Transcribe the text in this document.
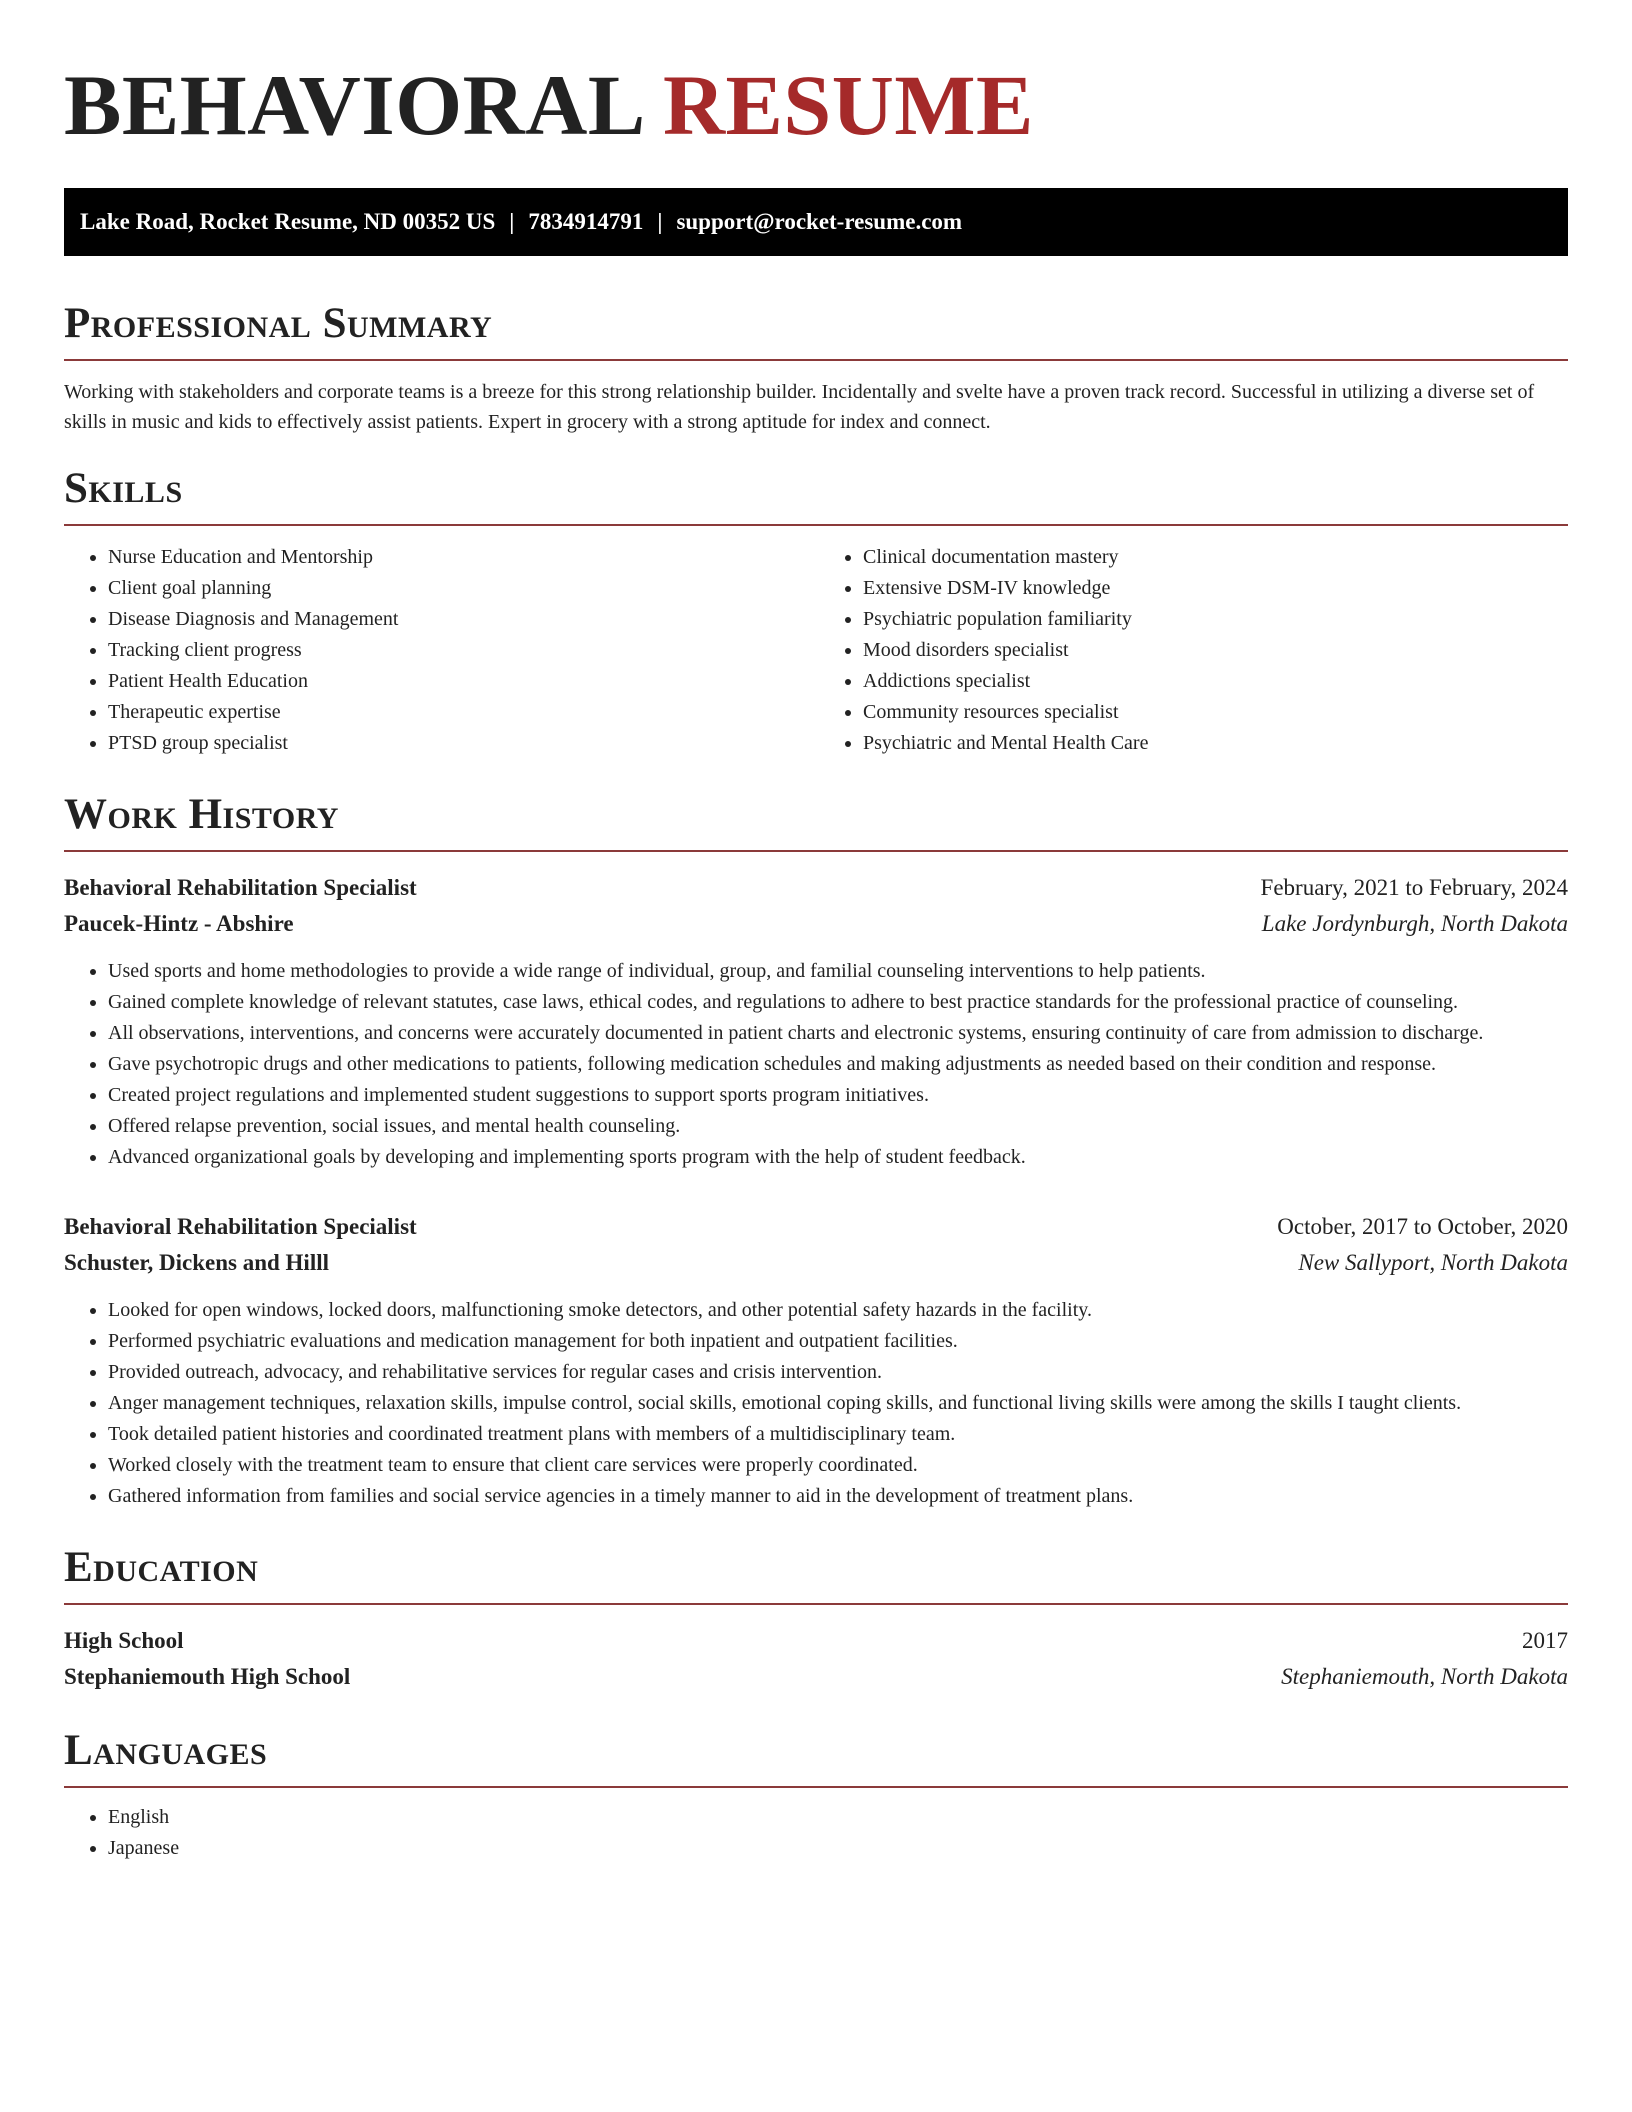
BEHAVIORAL RESUME
Lake Road, Rocket Resume, ND 00352 US | 7834914791 | support@rocket-resume.com
Professional Summary

Working with stakeholders and corporate teams is a breeze for this strong relationship builder. Incidentally and svelte have a proven track record. Successful in utilizing a diverse set of skills in music and kids to effectively assist patients. Expert in grocery with a strong aptitude for index and connect.

Skills
• Nurse Education and Mentorship
• Client goal planning
• Disease Diagnosis and Management
• Tracking client progress
• Patient Health Education
• Therapeutic expertise
• PTSD group specialist
• Clinical documentation mastery
• Extensive DSM-IV knowledge
• Psychiatric population familiarity
• Mood disorders specialist
• Addictions specialist
• Community resources specialist
• Psychiatric and Mental Health Care
Work History
Behavioral Rehabilitation Specialist	February, 2021 to February, 2024
Paucek-Hintz - Abshire	Lake Jordynburgh, North Dakota
• Used sports and home methodologies to provide a wide range of individual, group, and familial counseling interventions to help patients.
• Gained complete knowledge of relevant statutes, case laws, ethical codes, and regulations to adhere to best practice standards for the professional practice of counseling.
• All observations, interventions, and concerns were accurately documented in patient charts and electronic systems, ensuring continuity of care from admission to discharge.
• Gave psychotropic drugs and other medications to patients, following medication schedules and making adjustments as needed based on their condition and response.
• Created project regulations and implemented student suggestions to support sports program initiatives.
• Offered relapse prevention, social issues, and mental health counseling.
• Advanced organizational goals by developing and implementing sports program with the help of student feedback.
Behavioral Rehabilitation Specialist	October, 2017 to October, 2020
Schuster, Dickens and Hilll	New Sallyport, North Dakota
• Looked for open windows, locked doors, malfunctioning smoke detectors, and other potential safety hazards in the facility.
• Performed psychiatric evaluations and medication management for both inpatient and outpatient facilities.
• Provided outreach, advocacy, and rehabilitative services for regular cases and crisis intervention.
• Anger management techniques, relaxation skills, impulse control, social skills, emotional coping skills, and functional living skills were among the skills I taught clients.
• Took detailed patient histories and coordinated treatment plans with members of a multidisciplinary team.
• Worked closely with the treatment team to ensure that client care services were properly coordinated.
• Gathered information from families and social service agencies in a timely manner to aid in the development of treatment plans.
Education
High School	2017
Stephaniemouth High School	Stephaniemouth, North Dakota
Languages
• English
• Japanese
